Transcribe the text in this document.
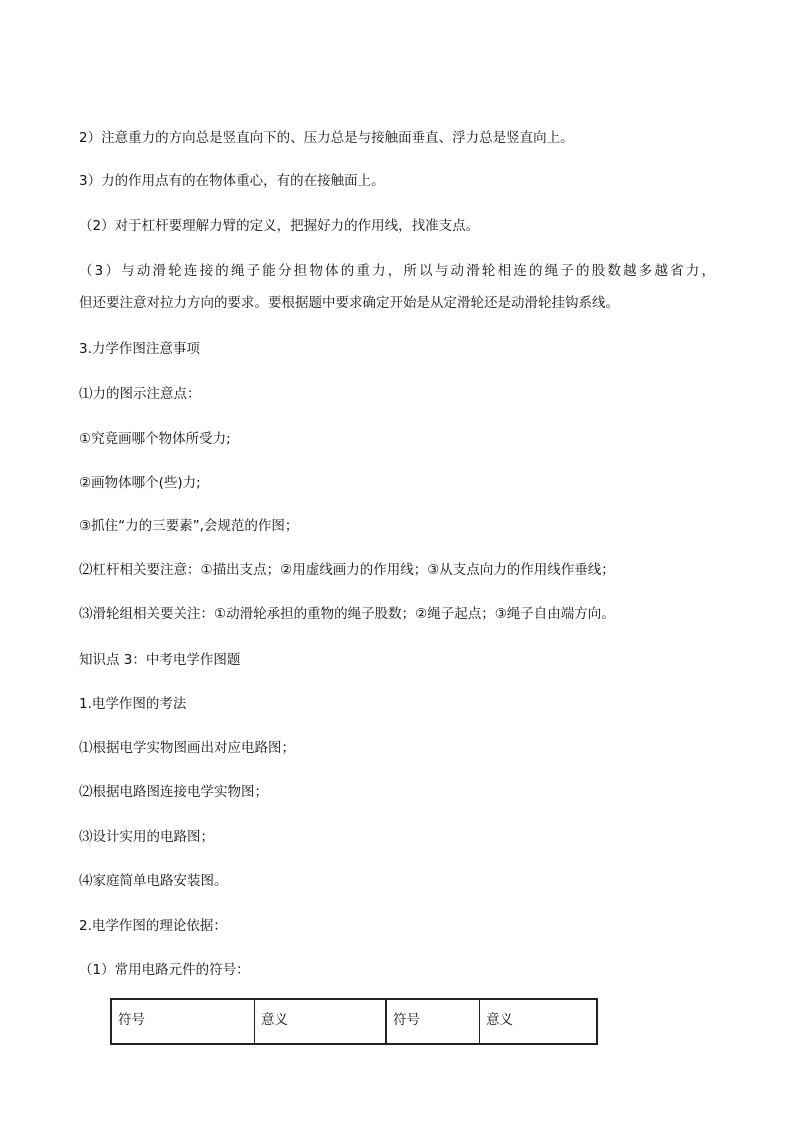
2）注意重力的方向总是竖直向下的、压力总是与接触面垂直、浮力总是竖直向上。
3）力的作用点有的在物体重心，有的在接触面上。
（2）对于杠杆要理解力臂的定义，把握好力的作用线，找准支点。
（3）与动滑轮连接的绳子能分担物体的重力，所以与动滑轮相连的绳子的股数越多越省力，
但还要注意对拉力方向的要求。要根据题中要求确定开始是从定滑轮还是动滑轮挂钩系线。
3.力学作图注意事项
⑴力的图示注意点：
①究竟画哪个物体所受力;
②画物体哪个(些)力;
③抓住“力的三要素”,会规范的作图；
⑵杠杆相关要注意：①描出支点；②用虚线画力的作用线；③从支点向力的作用线作垂线；
⑶滑轮组相关要关注：①动滑轮承担的重物的绳子股数；②绳子起点；③绳子自由端方向。
知识点 3：中考电学作图题
1.电学作图的考法
⑴根据电学实物图画出对应电路图；
⑵根据电路图连接电学实物图；
⑶设计实用的电路图；
⑷家庭简单电路安装图。
2.电学作图的理论依据：
（1）常用电路元件的符号：
符号	意义	符号	意义
